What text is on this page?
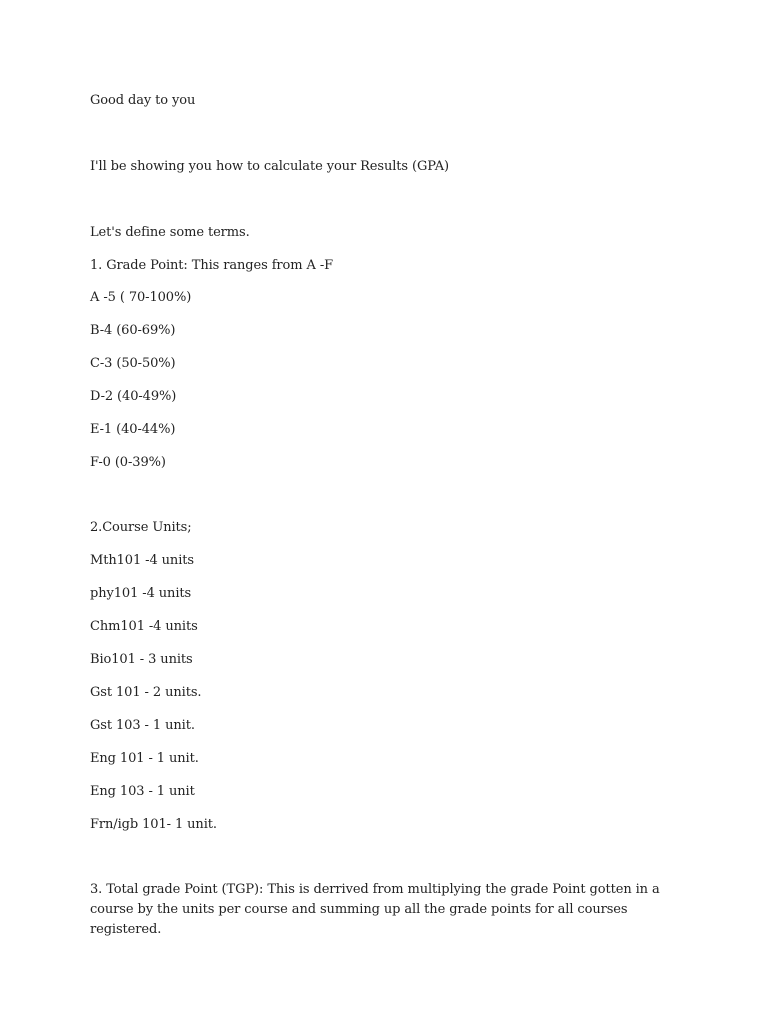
Good day to you
I'll be showing you how to calculate your Results (GPA)
Let's define some terms.
1. Grade Point: This ranges from A -F
A -5 ( 70-100%)
B-4 (60-69%)
C-3 (50-50%)
D-2 (40-49%)
E-1 (40-44%)
F-0 (0-39%)
2.Course Units;
Mth101 -4 units
phy101 -4 units
Chm101 -4 units
Bio101 - 3 units
Gst 101 - 2 units.
Gst 103 - 1 unit.
Eng 101 - 1 unit.
Eng 103 - 1 unit
Frn/igb 101- 1 unit.
3. Total grade Point (TGP): This is derrived from multiplying the grade Point gotten in a course by the units per course and summing up all the grade points for all courses registered.
